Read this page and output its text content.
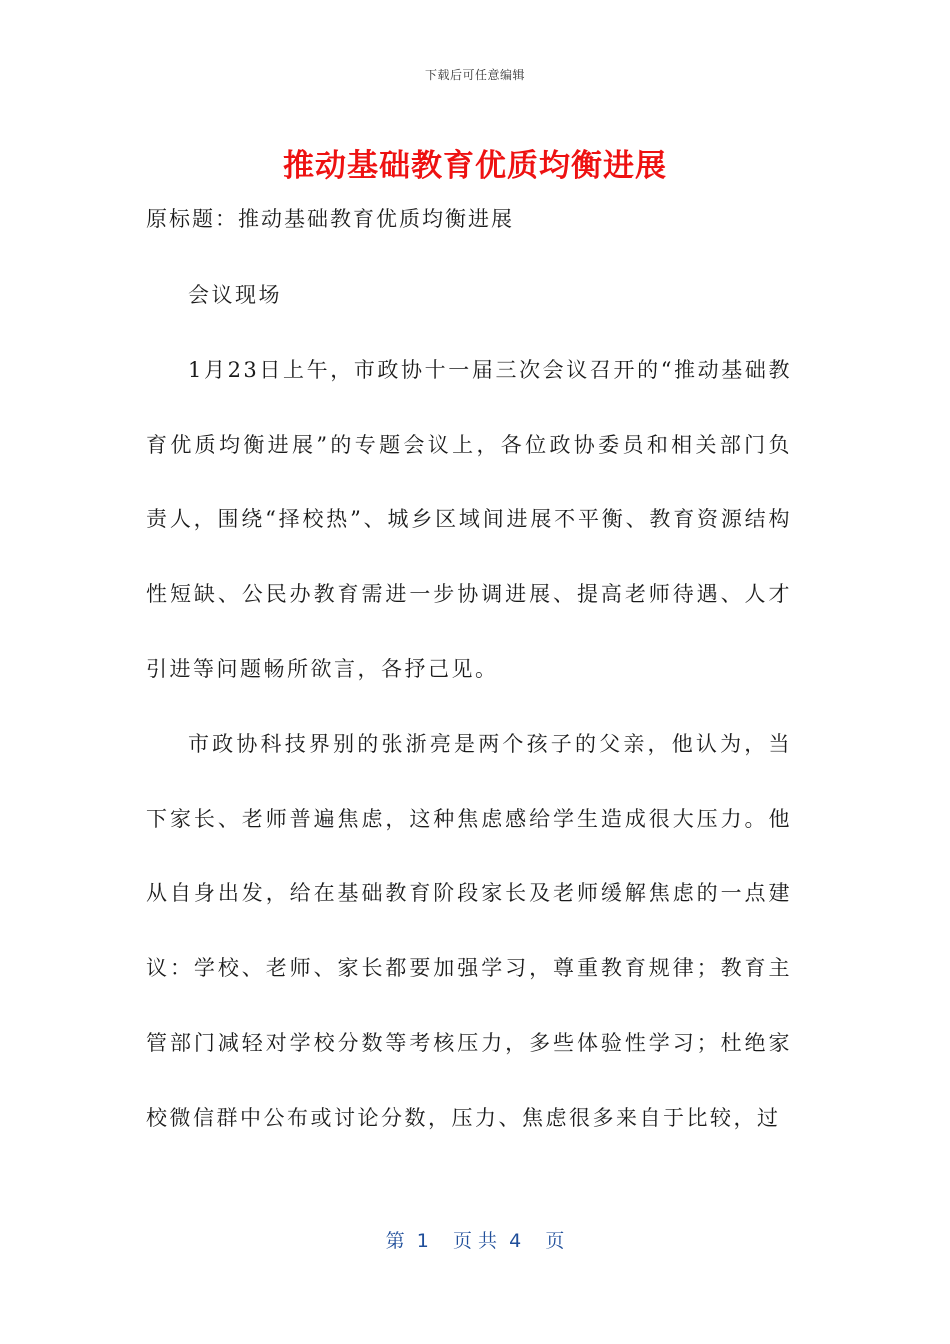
下载后可任意编辑
推动基础教育优质均衡进展
原标题：推动基础教育优质均衡进展

会议现场

1月23日上午，市政协十一届三次会议召开的“推动基础教育优质均衡进展”的专题会议上，各位政协委员和相关部门负责人，围绕“择校热”、城乡区域间进展不平衡、教育资源结构性短缺、公民办教育需进一步协调进展、提高老师待遇、人才引进等问题畅所欲言，各抒己见。

市政协科技界别的张浙亮是两个孩子的父亲，他认为，当下家长、老师普遍焦虑，这种焦虑感给学生造成很大压力。他从自身出发，给在基础教育阶段家长及老师缓解焦虑的一点建议：学校、老师、家长都要加强学习，尊重教育规律；教育主管部门减轻对学校分数等考核压力，多些体验性学习；杜绝家校微信群中公布或讨论分数，压力、焦虑很多来自于比较，过

第  1    页 共  4    页
